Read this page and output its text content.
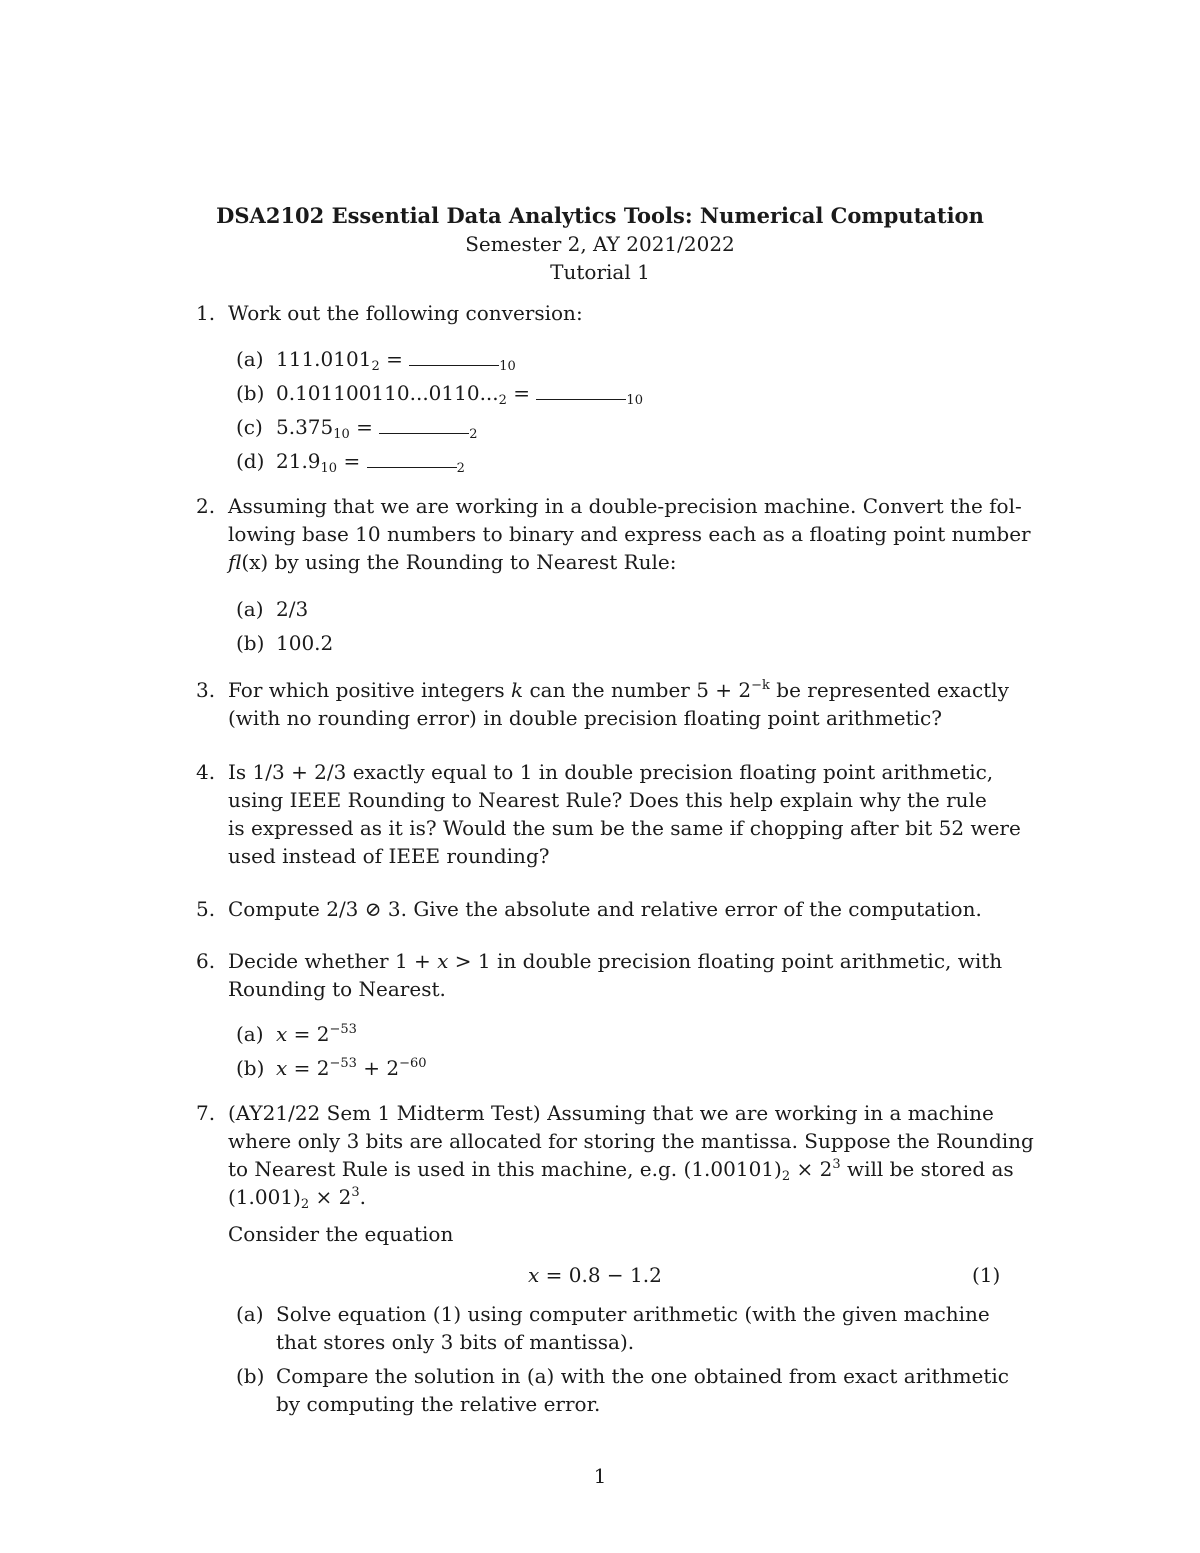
DSA2102 Essential Data Analytics Tools: Numerical Computation
Semester 2, AY 2021/2022
Tutorial 1
1. Work out the following conversion:
(a) $111.0101_2$ =	$_{10}$
(b) $0.101100110...0110..._2$ =	$_{10}$
(c) $5.375_{10}$ =	$_2$
(d) $21.9_{10}$ =	$_2$
2. Assuming that we are working in a double-precision machine. Convert the fol-
lowing base 10 numbers to binary and express each as a floating point number
fl(x) by using the Rounding to Nearest Rule:
(a) 2/3
(b) 100.2
3. For which positive integers k can the number $5 + 2^{-k}$ be represented exactly
(with no rounding error) in double precision floating point arithmetic?
4. Is 1/3 + 2/3 exactly equal to 1 in double precision floating point arithmetic,
using IEEE Rounding to Nearest Rule? Does this help explain why the rule
is expressed as it is? Would the sum be the same if chopping after bit 52 were
used instead of IEEE rounding?
5. Compute 2/3 ⊘ 3. Give the absolute and relative error of the computation.
6. Decide whether 1 + x > 1 in double precision floating point arithmetic, with
Rounding to Nearest.
(a) $x = 2^{-53}$
(b) $x = 2^{-53} + 2^{-60}$
7. (AY21/22 Sem 1 Midterm Test) Assuming that we are working in a machine
where only 3 bits are allocated for storing the mantissa. Suppose the Rounding
to Nearest Rule is used in this machine, e.g. $(1.00101)_2 \times 2^3$ will be stored as
$(1.001)_2 \times 2^3$.
Consider the equation
x = 0.8 − 1.2	(1)
(a) Solve equation (1) using computer arithmetic (with the given machine
that stores only 3 bits of mantissa).
(b) Compare the solution in (a) with the one obtained from exact arithmetic
by computing the relative error.
1
